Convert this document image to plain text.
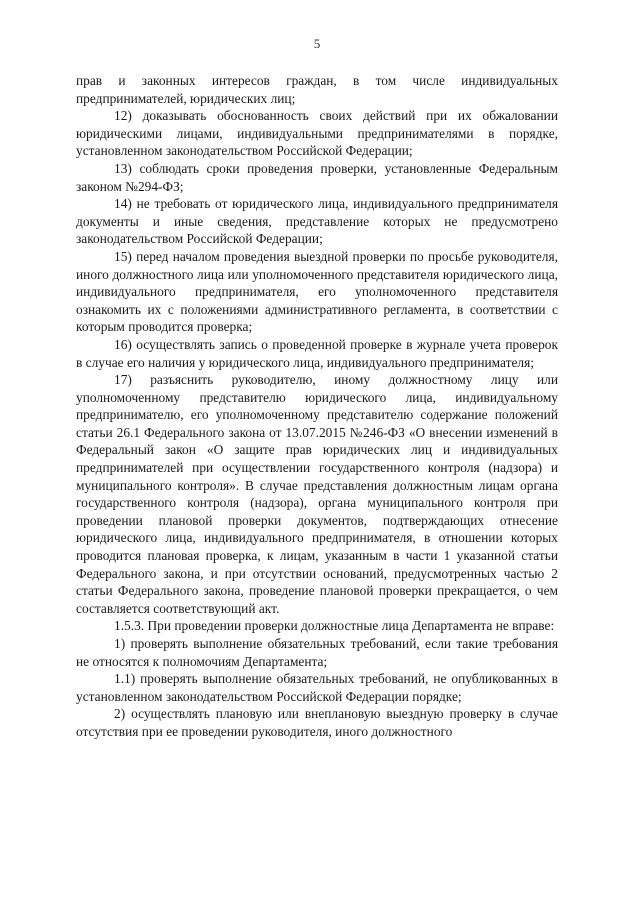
5

прав и законных интересов граждан, в том числе индивидуальных предпринимателей, юридических лиц;

12) доказывать обоснованность своих действий при их обжаловании юридическими лицами, индивидуальными предпринимателями в порядке, установленном законодательством Российской Федерации;

13) соблюдать сроки проведения проверки, установленные Федеральным законом №294-ФЗ;

14) не требовать от юридического лица, индивидуального предпринимателя документы и иные сведения, представление которых не предусмотрено законодательством Российской Федерации;

15) перед началом проведения выездной проверки по просьбе руководителя, иного должностного лица или уполномоченного представителя юридического лица, индивидуального предпринимателя, его уполномоченного представителя ознакомить их с положениями административного регламента, в соответствии с которым проводится проверка;

16) осуществлять запись о проведенной проверке в журнале учета проверок в случае его наличия у юридического лица, индивидуального предпринимателя;

17) разъяснить руководителю, иному должностному лицу или уполномоченному представителю юридического лица, индивидуальному предпринимателю, его уполномоченному представителю содержание положений статьи 26.1 Федерального закона от 13.07.2015 №246-ФЗ «О внесении изменений в Федеральный закон «О защите прав юридических лиц и индивидуальных предпринимателей при осуществлении государственного контроля (надзора) и муниципального контроля». В случае представления должностным лицам органа государственного контроля (надзора), органа муниципального контроля при проведении плановой проверки документов, подтверждающих отнесение юридического лица, индивидуального предпринимателя, в отношении которых проводится плановая проверка, к лицам, указанным в части 1 указанной статьи Федерального закона, и при отсутствии оснований, предусмотренных частью 2 статьи Федерального закона, проведение плановой проверки прекращается, о чем составляется соответствующий акт.

1.5.3. При проведении проверки должностные лица Департамента не вправе:

1) проверять выполнение обязательных требований, если такие требования не относятся к полномочиям Департамента;

1.1) проверять выполнение обязательных требований, не опубликованных в установленном законодательством Российской Федерации порядке;

2) осуществлять плановую или внеплановую выездную проверку в случае отсутствия при ее проведении руководителя, иного должностного
